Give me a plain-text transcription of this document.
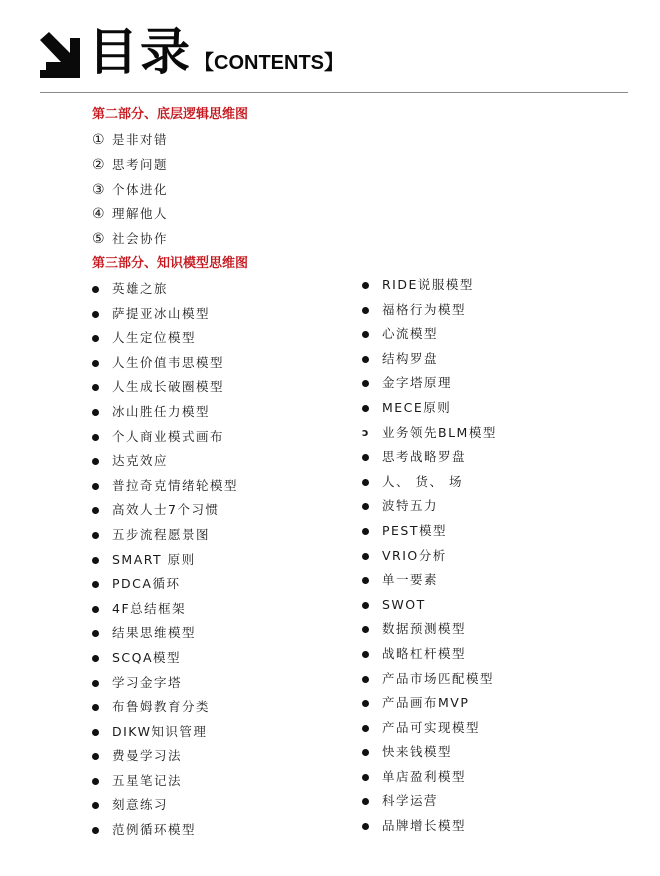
目录 【CONTENTS】
第二部分、底层逻辑思维图
① 是非对错
② 思考问题
③ 个体进化
④ 理解他人
⑤ 社会协作
第三部分、知识模型思维图
英雄之旅
萨提亚冰山模型
人生定位模型
人生价值韦思模型
人生成长破圈模型
冰山胜任力模型
个人商业模式画布
达克效应
普拉奇克情绪轮模型
高效人士7个习惯
五步流程愿景图
SMART 原则
PDCA循环
4F总结框架
结果思维模型
SCQA模型
学习金字塔
布鲁姆教育分类
DIKW知识管理
费曼学习法
五星笔记法
刻意练习
范例循环模型
RIDE说服模型
福格行为模型
心流模型
结构罗盘
金字塔原理
MECE原则
ↄ	业务领先BLM模型
思考战略罗盘
人、 货、 场
波特五力
PEST模型
VRIO分析
单一要素
SWOT
数据预测模型
战略杠杆模型
产品市场匹配模型
产品画布MVP
产品可实现模型
快来钱模型
单店盈利模型
科学运营
品牌增长模型
